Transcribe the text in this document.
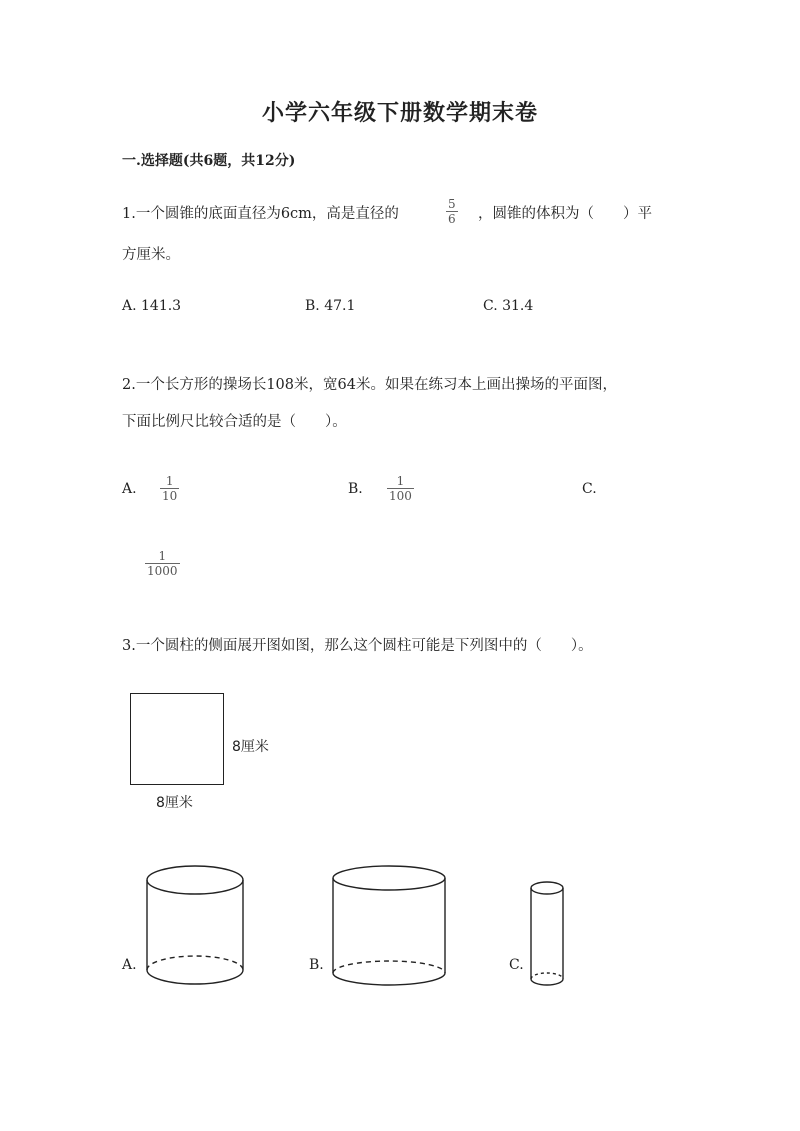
小学六年级下册数学期末卷
一.选择题(共6题，共12分)
1.一个圆锥的底面直径为6cm，高是直径的
5
6 ，圆锥的体积为（　　）平
方厘米。
A. 141.3	B. 47.1	C. 31.4
2.一个长方形的操场长108米，宽64米。如果在练习本上画出操场的平面图，
下面比例尺比较合适的是（　　）。
A. 1
10	B.	1
100	C.
1
1000
3.一个圆柱的侧面展开图如图，那么这个圆柱可能是下列图中的（　　）。
8厘米
8厘米
A.	B.	C.
